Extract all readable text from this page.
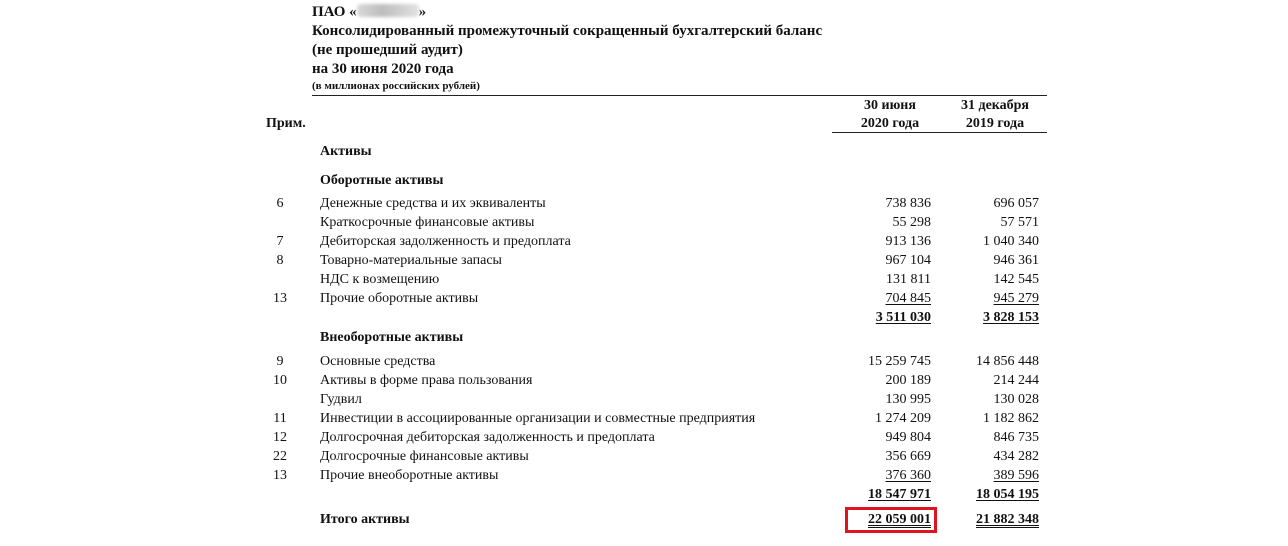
ПАО «	»
Консолидированный промежуточный сокращенный бухгалтерский баланс
(не прошедший аудит)
на 30 июня 2020 года
(в миллионах российских рублей)
Прим.
30 июня
2020 года
31 декабря
2019 года
Активы
Оборотные активы
6	Денежные средства и их эквиваленты	738 836	696 057
Краткосрочные финансовые активы	55 298	57 571
7	Дебиторская задолженность и предоплата	913 136	1 040 340
8	Товарно-материальные запасы	967 104	946 361
НДС к возмещению	131 811	142 545
13	Прочие оборотные активы	704 845	945 279
3 511 030	3 828 153
Внеоборотные активы
9	Основные средства	15 259 745	14 856 448
10	Активы в форме права пользования	200 189	214 244
Гудвил	130 995	130 028
11	Инвестиции в ассоциированные организации и совместные предприятия	1 274 209	1 182 862
12	Долгосрочная дебиторская задолженность и предоплата	949 804	846 735
22	Долгосрочные финансовые активы	356 669	434 282
13	Прочие внеоборотные активы	376 360	389 596
18 547 971	18 054 195
Итого активы	22 059 001	21 882 348
